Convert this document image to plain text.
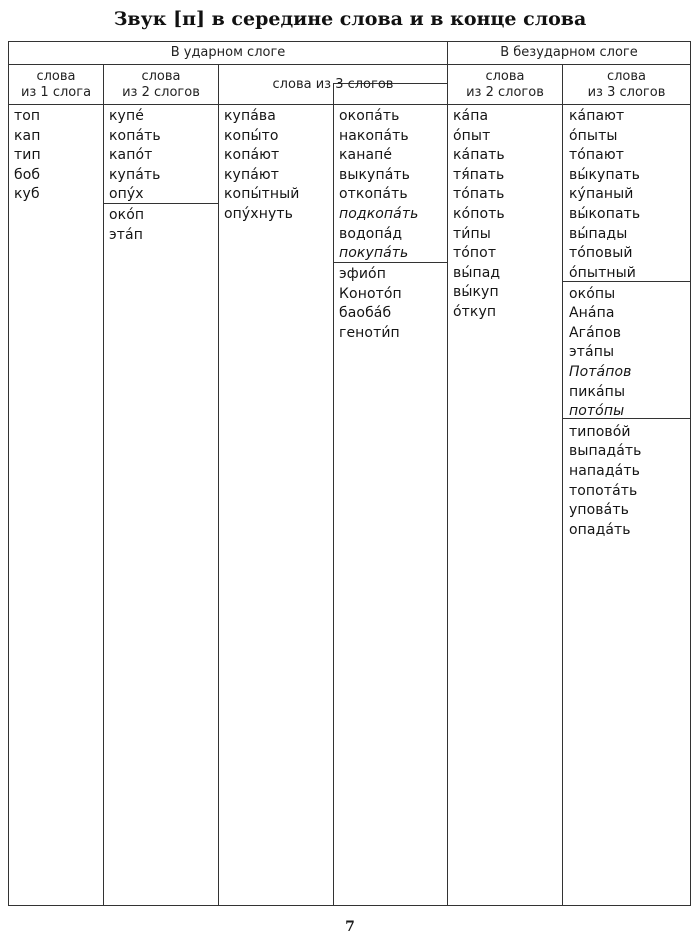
Звук [п] в середине слова и в конце слова
В ударном слоге	В безударном слоге
слова
из 1 слога
слова
из 2 слогов
слова из 3 слогов
слова
из 2 слогов
слова
из 3 слогов
топ
кап
тип
боб
куб
купе́
копа́ть
капо́т
купа́ть
опу́х
око́п
эта́п
купа́ва
копы́то
копа́ют
купа́ют
копы́тный
опу́хнуть
окопа́ть
накопа́ть
канапе́
выкупа́ть
откопа́ть
подкопа́ть
водопа́д
покупа́ть
эфио́п
Конoто́п
баоба́б
геноти́п
ка́па
о́пыт
ка́пать
тя́пать
то́пать
ко́поть
ти́пы
то́пот
вы́пад
вы́куп
о́ткуп
ка́пают
о́пыты
то́пают
вы́купать
ку́паный
вы́копать
вы́пады
то́повый
о́пытный
око́пы
Ана́па
Ага́пов
эта́пы
Пота́пов
пика́пы
пото́пы
типово́й
выпада́ть
напада́ть
топота́ть
упова́ть
опада́ть
7
